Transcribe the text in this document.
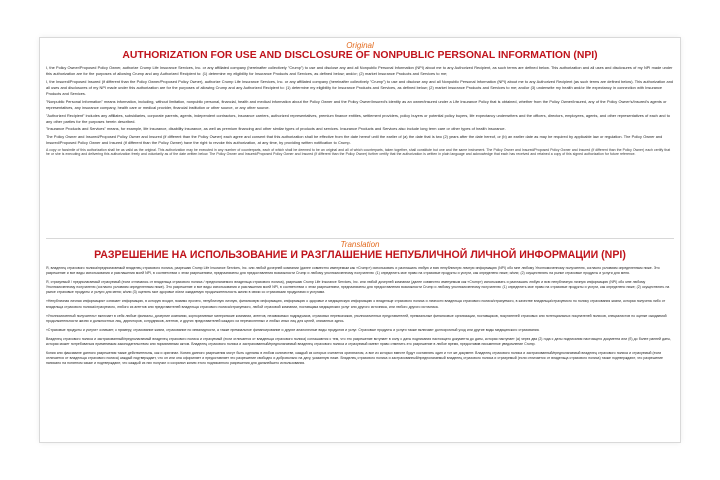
Original
AUTHORIZATION FOR USE AND DISCLOSURE OF NONPUBLIC PERSONAL INFORMATION (NPI)

I, the Policy Owner/Proposed Policy Owner, authorize Crump Life Insurance Services, Inc. or any affiliated company (hereinafter collectively "Crump") to use and disclose any and all Nonpublic Personal Information (NPI) about me to any Authorized Recipient, as such terms are defined below. This authorization and all uses and disclosures of my NPI made under this authorization are for the purposes of allowing Crump and any Authorized Recipient to: (1) determine my eligibility for Insurance Products and Services, as defined below; and/or; (2) market Insurance Products and Services to me;

I, the Insured/Proposed Insured (if different than the Policy Owner/Proposed Policy Owner), authorize Crump Life Insurance Services, Inc. or any affiliated company (hereinafter collectively "Crump") to use and disclose any and all Nonpublic Personal Information (NPI) about me to any Authorized Recipient (as such terms are defined below). This authorization and all uses and disclosures of my NPI made under this authorization are for the purposes of allowing Crump and any Authorized Recipient to: (1) determine my eligibility for Insurance Products and Services, as defined below; (2) market Insurance Products and Services to me; and/or (3) underwrite my health and/or life expectancy in connection with Insurance Products and Services.

"Nonpublic Personal Information" means information, including, without limitation, nonpublic personal, financial, health and medical information about the Policy Owner and the Policy Owner/Insured's identity as an owner/insured under a Life Insurance Policy that is obtained, whether from the Policy Owner/Insured, any of the Policy Owner's/Insured's agents or representatives, any insurance company, health care or medical provider, financial institution or other source, or any other source.

"Authorized Recipient" includes any affiliates, subsidiaries, corporate parents, agents, independent contractors, insurance carriers, authorized representatives, premium finance entities, settlement providers, policy buyers or potential policy buyers, life expectancy underwriters and the officers, directors, employees, agents, and other representatives of each and to any other parties for the purposes herein described.

"Insurance Products and Services" means, for example, life insurance, disability insurance, as well as premium financing and other similar types of products and services. Insurance Products and Services also include long term care or other types of health insurance.

The Policy Owner and Insured/Proposed Policy Owner and Insured (if different than the Policy Owner) each agree and consent that this authorization shall be effective from the date hereof until the earlier of (a) the date that is two (2) years after the date hereof, or (b) an earlier date as may be required by applicable law or regulation. The Policy Owner and Insured/Proposed Policy Owner and Insured (if different than the Policy Owner) have the right to revoke this authorization, at any time, by providing written notification to Crump.

A copy or facsimile of this authorization shall be as valid as the original. This authorization may be executed in any number of counterparts, each of which shall be deemed to be an original and all of which counterparts, taken together, shall constitute but one and the same instrument. The Policy Owner and Insured/Proposed Policy Owner and Insured (if different than the Policy Owner) each certify that he or she is executing and delivering this authorization freely and voluntarily as of the date written below. The Policy Owner and Insured/Proposed Policy Owner and Insured (if different than the Policy Owner) further certify that the authorization is written in plain language and acknowledge that each has received and retained a copy of this signed authorization for future reference.

Translation
РАЗРЕШЕНИЕ НА ИСПОЛЬЗОВАНИЕ И РАЗГЛАШЕНИЕ НЕПУБЛИЧНОЙ ЛИЧНОЙ ИНФОРМАЦИИ (NPI)

Я, владелец страхового полиса/предполагаемый владелец страхового полиса, разрешаю Crump Life Insurance Services, Inc. или любой дочерней компании (далее совместно именуемым как «Crump») использовать и разглашать любую и всю непубличную личную информацию (NPI) обо мне любому Уполномоченному получателю, согласно условиям определенным ниже. Это разрешение и все виды использования и разглашения моей NPI, в соответствии с этим разрешением, предназначены для предоставления возможности Crump и любому уполномоченному получателю: (1) определить мое право на страховые продукты и услуги, как определено ниже; и/или; (2) осуществлять на рынке страховые продукты и услуги для меня.

Я, страхуемый / предполагаемый страхуемый (если отличаюсь от владельца страхового полиса / предполагаемого владельца страхового полиса), разрешаю Crump Life Insurance Services, Inc. или любой дочерней компании (далее совместно именуемым как «Crump») использовать и разглашать любую и всю непубличную личную информацию (NPI) обо мне любому Уполномоченному получателю (согласно условиям определенным ниже). Это разрешение и все виды использования и разглашения моей NPI, в соответствии с этим разрешением, предназначены для предоставления возможности Crump и любому уполномоченному получателю: (1) определить мое право на страховые продукты и услуги, как определено ниже; (2) осуществлять на рынке страховые продукты и услуги для меня; и/или (3) оценить мое здоровье и/или ожидаемую продолжительность жизни в связи со страховыми продуктами и услугами.

«Непубличная личная информация» означает информацию, в которую входит, помимо прочего, непубличную личную, финансовую информацию, информацию о здоровье и медицинскую информацию о владельце страхового полиса и личности владельца страхового полиса/страхуемого, в качестве владельца/страхуемого по полису страхования жизни, которая получена либо от владельца страхового полиса/страхуемого, любого из агентов или представителей владельца страхового полиса/страхуемого, любой страховой компании, поставщика медицинских услуг или другого источника, или любого другого источника.

«Уполномоченный получатель» включает в себя любые филиалы, дочерние компании, корпоративные материнские компании, агентов, независимых подрядчиков, страховых перевозчиков, уполномоченных представителей, премиальные финансовые организации, поставщиков, покупателей страховых или потенциальных покупателей полисов, специалистов по оценке ожидаемой продолжительности жизни и должностных лиц, директоров, сотрудников, агентов, и других представителей каждого из перечисленных и любых иных лиц для целей, описанных здесь.

«Страховые продукты и услуги» означает, к примеру, страхование жизни, страхование по инвалидности, а также премиальное финансирование и другие аналогичные виды продуктов и услуг. Страховые продукты и услуги также включают долгосрочный уход или другие виды медицинского страхования.

Владелец страхового полиса и застрахованный/предполагаемый владелец страхового полиса и страхуемый (если отличается от владельца страхового полиса) соглашаются с тем, что это разрешение вступает в силу с даты подписания настоящего документа до даты, которая наступает (а) через два (2) года с даты подписания настоящего документа или (б) до более ранней даты, которая может потребоваться применимым законодательством или нормативным актом. Владелец страхового полиса и застрахованный/предполагаемый владелец страхового полиса и страхуемый имеют право отменить это разрешение в любое время, предоставив письменное уведомление Crump.

Копия или факсимиле данного разрешения также действительны, как и оригинал. Копию данного разрешения могут быть сделаны в любом количестве, каждый из которых считается оригиналом, а все из которых вместе будут составлять один и тот же документ. Владелец страхового полиса и застрахованный/предполагаемый владелец страхового полиса и страхуемый (если отличается от владельца страхового полиса) каждый подтверждает, что он или она оформляет и предоставляет это разрешение свободно и добровольно на дату, указанную ниже. Владелец страхового полиса и застрахованный/предполагаемый владелец страхового полиса и страхуемый (если отличается от владельца страхового полиса) также подтверждают, что разрешение написано на понятном языке и подтверждают, что каждый из них получил и сохранил копию этого подписанного разрешения для дальнейшего использования.
